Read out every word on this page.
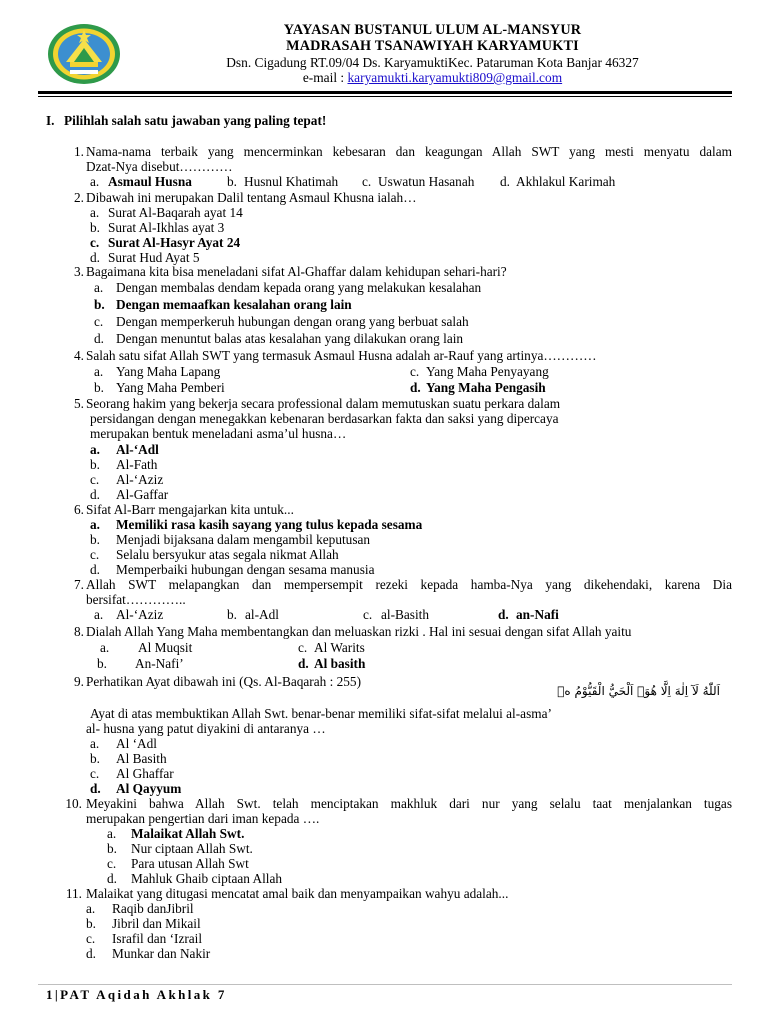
YAYASAN BUSTANUL ULUM AL-MANSYUR
MADRASAH TSANAWIYAH KARYAMUKTI
Dsn. Cigadung RT.09/04 Ds. KaryamuktiKec. Pataruman Kota Banjar 46327
e-mail : karyamukti.karyamukti809@gmail.com
I. Pilihlah salah satu jawaban yang paling tepat!
1. Nama-nama terbaik yang mencerminkan kebesaran dan keagungan Allah SWT yang mesti menyatu dalam
Dzat-Nya disebut…………
a. Asmaul Husna	b. Husnul Khatimah c. Uswatun Hasanah d. Akhlakul Karimah
2. Dibawah ini merupakan Dalil tentang Asmaul Khusna ialah…
a. Surat Al-Baqarah ayat 14
b. Surat Al-Ikhlas ayat 3
c. Surat Al-Hasyr Ayat 24
d. Surat Hud Ayat 5
3. Bagaimana kita bisa meneladani sifat Al-Ghaffar dalam kehidupan sehari-hari?
a. Dengan membalas dendam kepada orang yang melakukan kesalahan
b. Dengan memaafkan kesalahan orang lain
c. Dengan memperkeruh hubungan dengan orang yang berbuat salah
d. Dengan menuntut balas atas kesalahan yang dilakukan orang lain
4. Salah satu sifat Allah SWT yang termasuk Asmaul Husna adalah ar-Rauf yang artinya…………
a. Yang Maha Lapang	c. Yang Maha Penyayang
b. Yang Maha Pemberi	d. Yang Maha Pengasih
5. Seorang hakim yang bekerja secara professional dalam memutuskan suatu perkara dalam
persidangan dengan menegakkan kebenaran berdasarkan fakta dan saksi yang dipercaya
merupakan bentuk meneladani asma’ul husna…
a. Al-‘Adl
b. Al-Fath
c. Al-‘Aziz
d. Al-Gaffar
6. Sifat Al-Barr mengajarkan kita untuk...
a. Memiliki rasa kasih sayang yang tulus kepada sesama
b. Menjadi bijaksana dalam mengambil keputusan
c. Selalu bersyukur atas segala nikmat Allah
d. Memperbaiki hubungan dengan sesama manusia
7. Allah SWT melapangkan dan mempersempit rezeki kepada hamba-Nya yang dikehendaki, karena Dia
bersifat…………..
a. Al-‘Aziz	b. al-Adl	c. al-Basith	d. an-Nafi
8. Dialah Allah Yang Maha membentangkan dan meluaskan rizki . Hal ini sesuai dengan sifat Allah yaitu
a. Al Muqsit	c. Al Warits
b. An-Nafi’	d. Al basith
9. Perhatikan Ayat dibawah ini (Qs. Al-Baqarah : 255)
اَللّٰهُ لَآ اِلٰهَ اِلَّا هُوَۚ اَلْحَيُّ الْقَيُّوْمُ ەۚ
Ayat di atas membuktikan Allah Swt. benar-benar memiliki sifat-sifat melalui al-asma’
al- husna yang patut diyakini di antaranya …
a. Al ‘Adl
b. Al Basith
c. Al Ghaffar
d. Al Qayyum
10. Meyakini bahwa Allah Swt. telah menciptakan makhluk dari nur yang selalu taat menjalankan tugas
merupakan pengertian dari iman kepada ….
a. Malaikat Allah Swt.
b. Nur ciptaan Allah Swt.
c. Para utusan Allah Swt
d. Mahluk Ghaib ciptaan Allah
11. Malaikat yang ditugasi mencatat amal baik dan menyampaikan wahyu adalah...
a. Raqib danJibril
b. Jibril dan Mikail
c. Israfil dan ‘Izrail
d. Munkar dan Nakir
1|PAT Aqidah Akhlak 7
